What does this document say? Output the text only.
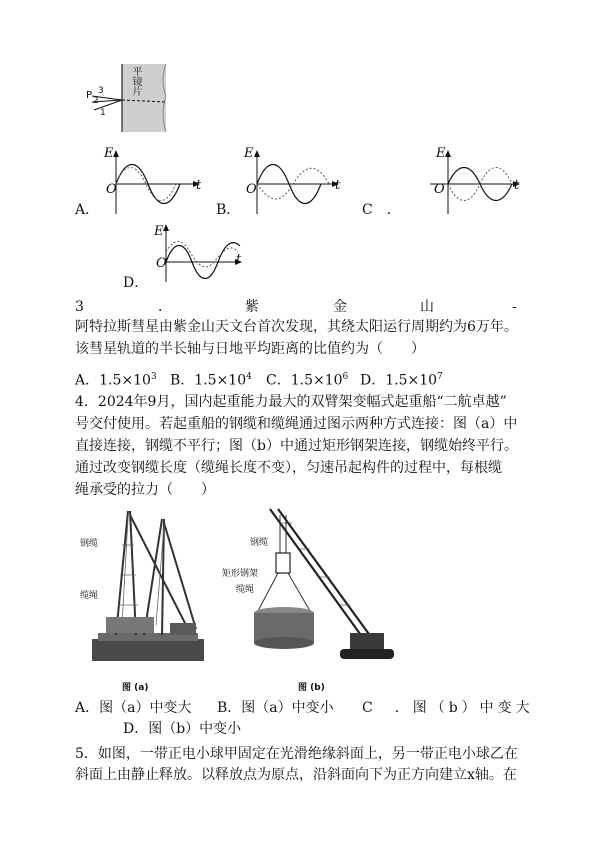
P 3
2
1
平镜片
E
O	t
A．
E
O	t
B．
E
O	t
C　．
E
O	t
D．
3	．	紫	金	山	-
阿特拉斯彗星由紫金山天文台首次发现，其绕太阳运行周期约为6万年。
该彗星轨道的半长轴与日地平均距离的比值约为（　　）
A．$1.5\times 10^3$ B．$1.5\times 10^4$ C．$1.5\times 10^6$ D．$1.5\times 10^7$
4．2024年9月，国内起重能力最大的双臂架变幅式起重船“二航卓越”
号交付使用。若起重船的钢缆和缆绳通过图示两种方式连接：图（a）中
直接连接，钢缆不平行；图（b）中通过矩形钢架连接，钢缆始终平行。
通过改变钢缆长度（缆绳长度不变），匀速吊起构件的过程中，每根缆
绳承受的拉力（　　）
钢缆
缆绳
图 (a)
钢缆
矩形钢架
缆绳
图 (b)
A．图（a）中变大 B．图（a）中变小 C　．图（b）中变大
D．图（b）中变小
5．如图，一带正电小球甲固定在光滑绝缘斜面上，另一带正电小球乙在
斜面上由静止释放。以释放点为原点，沿斜面向下为正方向建立x轴。在
